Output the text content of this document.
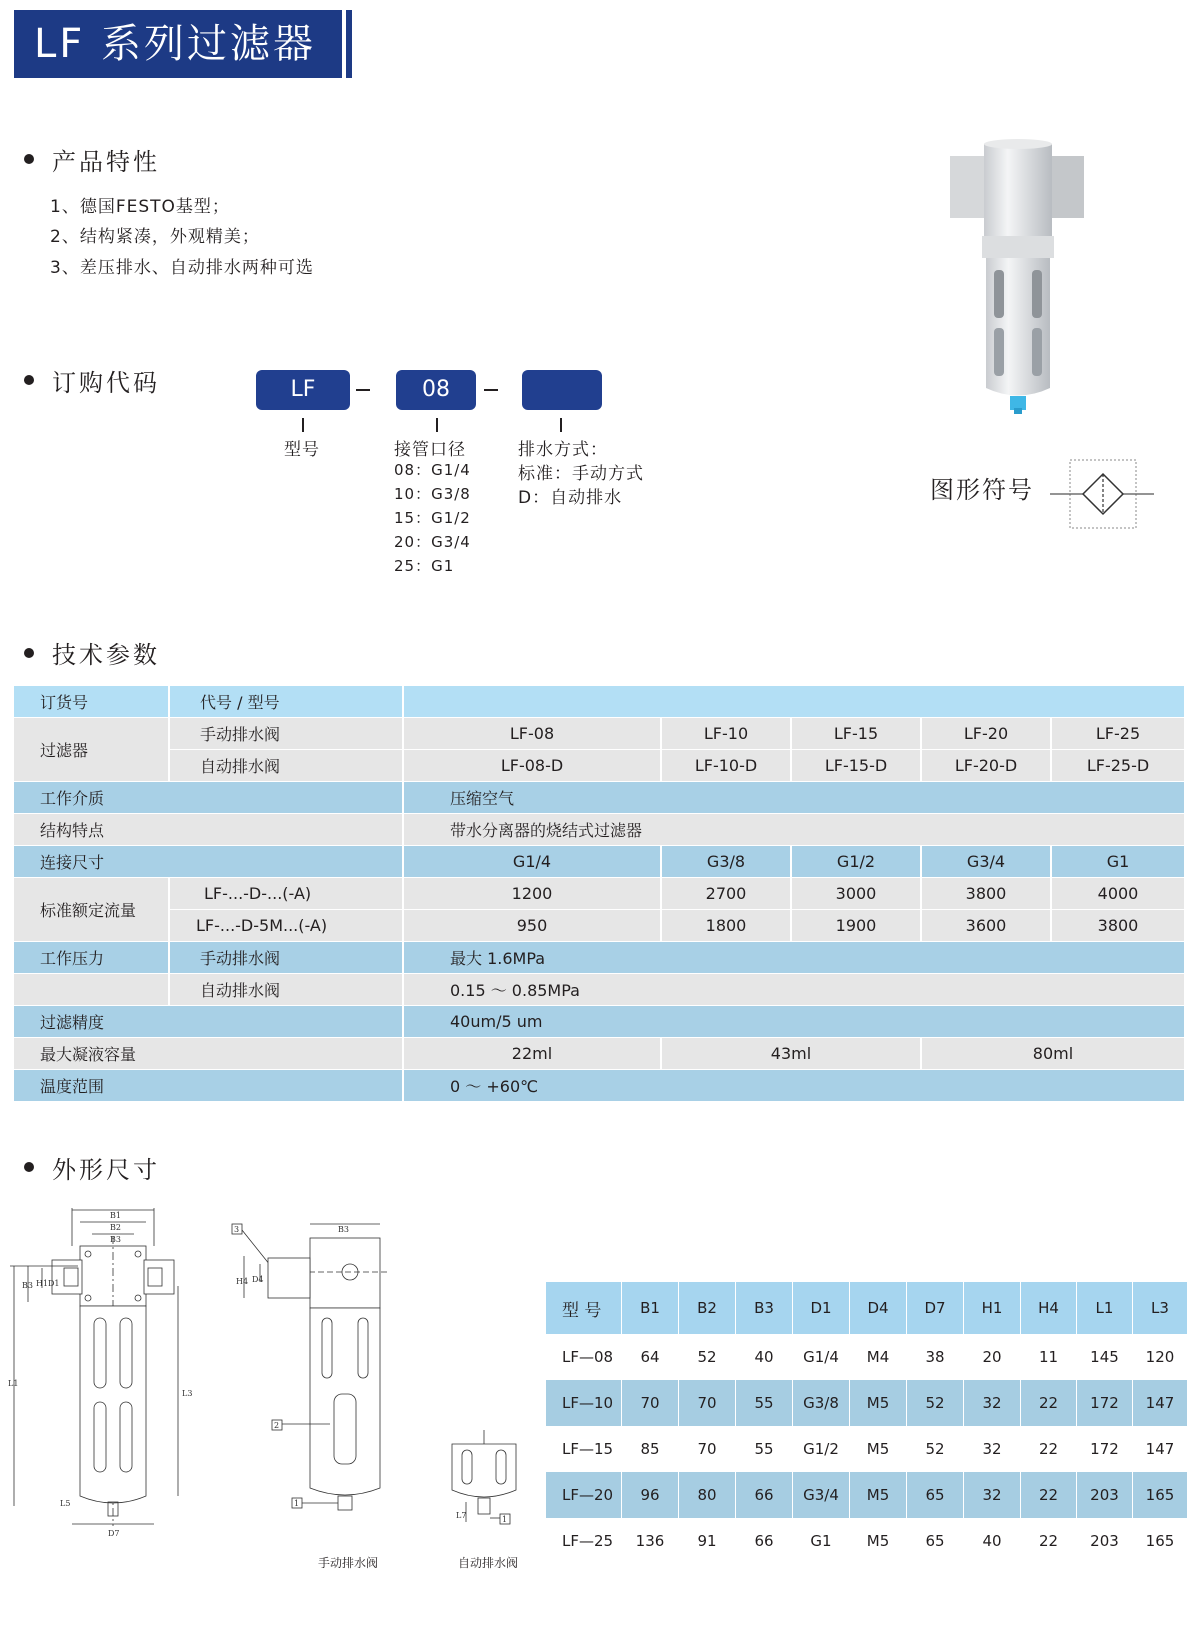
LF 系列过滤器
产品特性
1、德国FESTO基型；
2、结构紧凑，外观精美；
3、差压排水、自动排水两种可选
订购代码	LF	08
型号	接管口径
08：G1/4
10：G3/8
15：G1/2
20：G3/4
25：G1
排水方式：
标准：手动方式
D：自动排水	图形符号
技术参数
订货号	代号 / 型号					
过滤器	手动排水阀	LF-08	LF-10	LF-15	LF-20	LF-25
	自动排水阀	LF-08-D	LF-10-D	LF-15-D	LF-20-D	LF-25-D
工作介质		压缩空气				
结构特点		带水分离器的烧结式过滤器				
连接尺寸		G1/4	G3/8	G1/2	G3/4	G1
标准额定流量	LF-...-D-...(-A)	1200	2700	3000	3800	4000
	LF-...-D-5M...(-A)	950	1800	1900	3600	3800
工作压力	手动排水阀	最大 1.6MPa				
	自动排水阀	0.15 ～ 0.85MPa				
过滤精度		40um/5 um				
最大凝液容量		22ml	43ml		80ml	
温度范围		0 ～ +60℃				
外形尺寸
B1
B2
B3
B3 H1 D1
L1
L3
D7
L5
3
2
1
B3
H4 D4
手动排水阀
1
L7
自动排水阀
型 号	B1	B2	B3	D1	D4	D7	H1	H4	L1	L3
LF—08	64	52	40	G1/4	M4	38	20	11	145	120
LF—10	70	70	55	G3/8	M5	52	32	22	172	147
LF—15	85	70	55	G1/2	M5	52	32	22	172	147
LF—20	96	80	66	G3/4	M5	65	32	22	203	165
LF—25	136	91	66	G1	M5	65	40	22	203	165
